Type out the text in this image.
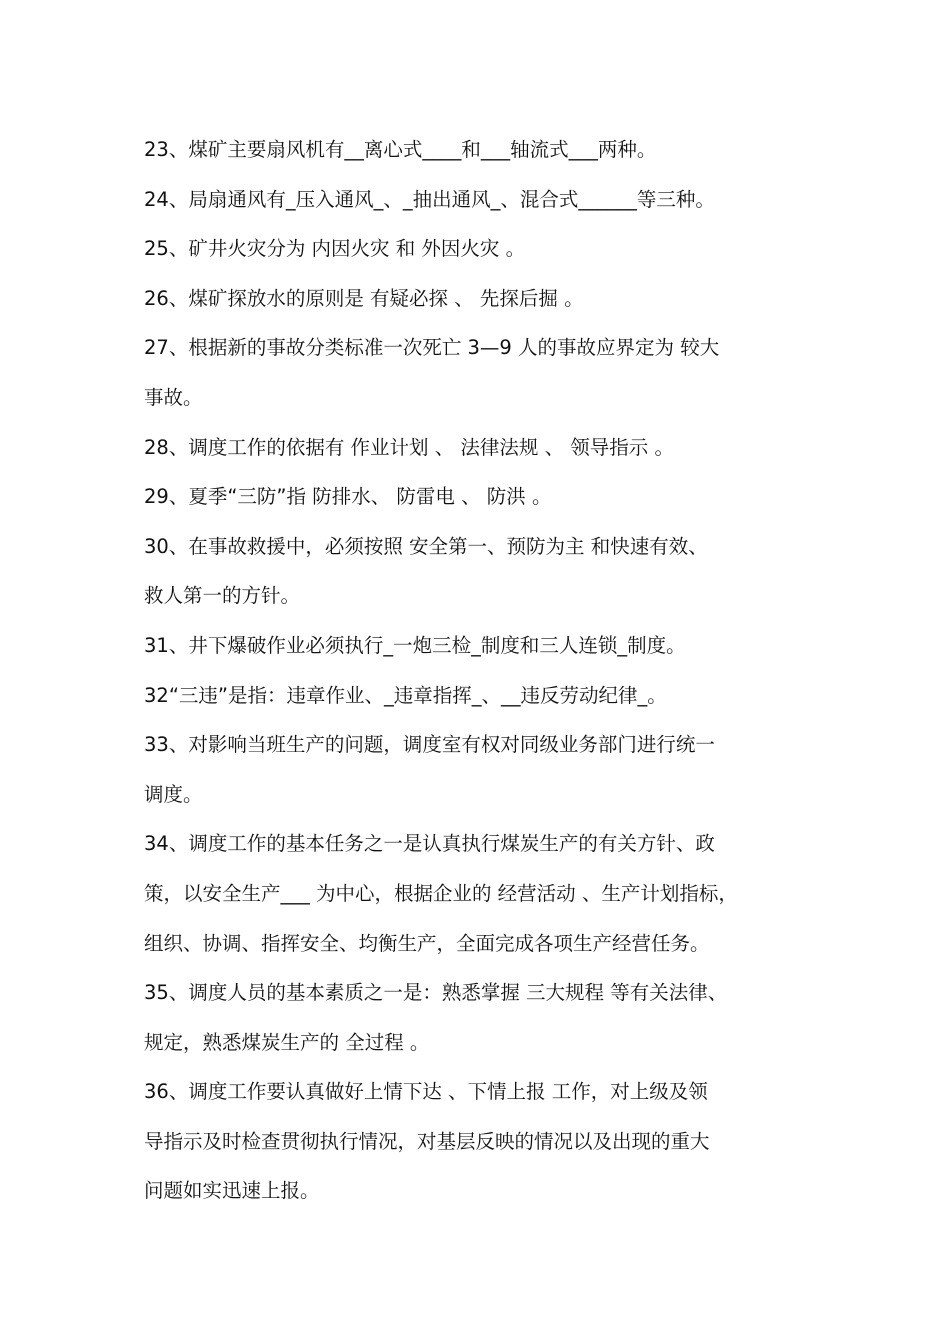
23、煤矿主要扇风机有__离心式____和___轴流式___两种。
24、局扇通风有_压入通风_、_抽出通风_、混合式______等三种。
25、矿井火灾分为 内因火灾 和 外因火灾 。
26、煤矿探放水的原则是 有疑必探 、 先探后掘 。
27、根据新的事故分类标准一次死亡 3—9 人的事故应界定为 较大
事故。
28、调度工作的依据有 作业计划 、 法律法规 、 领导指示 。
29、夏季“三防”指 防排水、 防雷电 、 防洪 。
30、在事故救援中，必须按照 安全第一、预防为主 和快速有效、
救人第一的方针。
31、井下爆破作业必须执行_一炮三检_制度和三人连锁_制度。
32“三违”是指：违章作业、_违章指挥_、__违反劳动纪律_。
33、对影响当班生产的问题，调度室有权对同级业务部门进行统一
调度。
34、调度工作的基本任务之一是认真执行煤炭生产的有关方针、政
策，以安全生产___ 为中心，根据企业的 经营活动 、生产计划指标，
组织、协调、指挥安全、均衡生产，全面完成各项生产经营任务。
35、调度人员的基本素质之一是：熟悉掌握 三大规程 等有关法律、
规定，熟悉煤炭生产的 全过程 。
36、调度工作要认真做好上情下达 、下情上报 工作，对上级及领
导指示及时检查贯彻执行情况，对基层反映的情况以及出现的重大
问题如实迅速上报。
